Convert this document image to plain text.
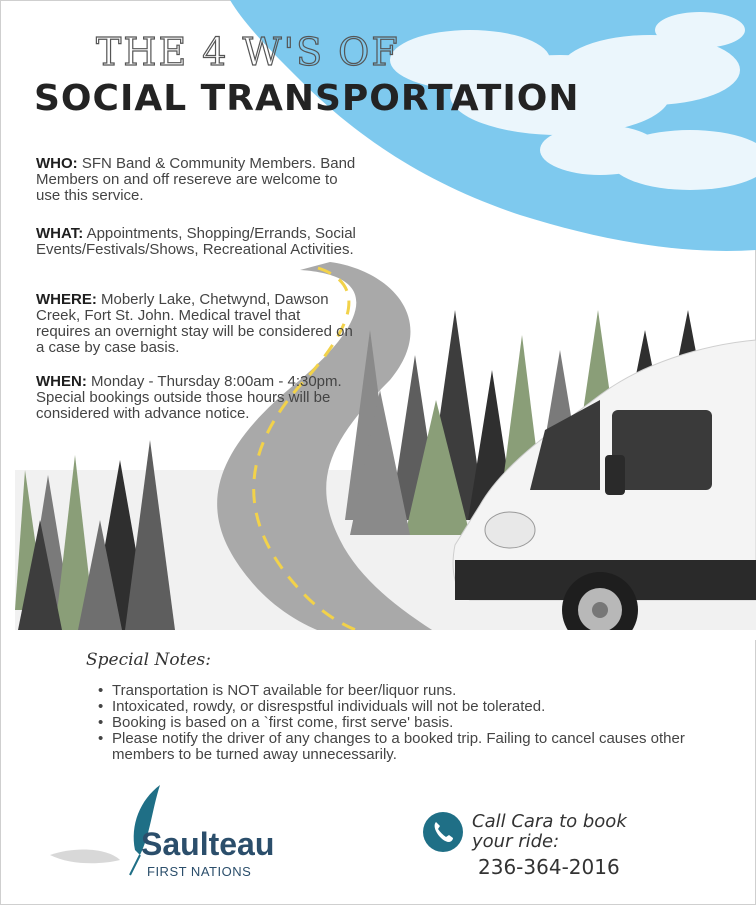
THE 4 W'S OF
SOCIAL TRANSPORTATION
WHO: SFN Band & Community Members. Band Members on and off resereve are welcome to use this service.
WHAT: Appointments, Shopping/Errands, Social Events/Festivals/Shows, Recreational Activities.
WHERE: Moberly Lake, Chetwynd, Dawson Creek, Fort St. John. Medical travel that requires an overnight stay will be considered on a case by case basis.
WHEN: Monday - Thursday 8:00am - 4:30pm. Special bookings outside those hours will be considered with advance notice.
Special Notes:
• Transportation is NOT available for beer/liquor runs.
• Intoxicated, rowdy, or disrespstful individuals will not be tolerated.
• Booking is based on a `first come, first serve' basis.
• Please notify the driver of any changes to a booked trip. Failing to cancel causes other members to be turned away unnecessarily.
Saulteau
FIRST NATIONS
Call Cara to book your ride:
236-364-2016
